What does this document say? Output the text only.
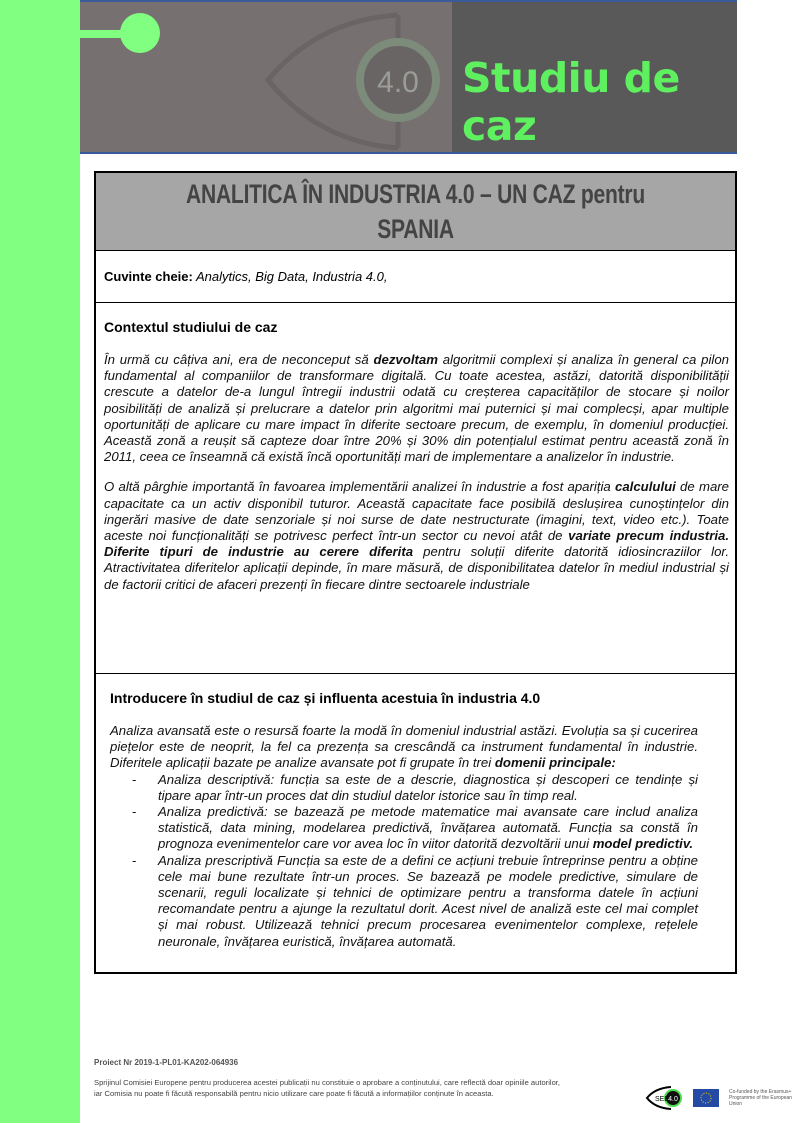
4.0 Studiu de caz
ANALITICA ÎN INDUSTRIA 4.0 – UN CAZ pentru
SPANIA
Cuvinte cheie: Analytics, Big Data, Industria 4.0,
Contextul studiului de caz

În urmă cu câțiva ani, era de neconceput să dezvoltam algoritmii complexi și analiza în general ca pilon fundamental al companiilor de transformare digitală. Cu toate acestea, astăzi, datorită disponibilității crescute a datelor de-a lungul întregii industrii odată cu creșterea capacităților de stocare și noilor posibilități de analiză și prelucrare a datelor prin algoritmi mai puternici și mai complecși, apar multiple oportunități de aplicare cu mare impact în diferite sectoare precum, de exemplu, în domeniul producției. Această zonă a reușit să capteze doar între 20% și 30% din potențialul estimat pentru această zonă în 2011, ceea ce înseamnă că există încă oportunități mari de implementare a analizelor în industrie.

O altă pârghie importantă în favoarea implementării analizei în industrie a fost apariția calculului de mare capacitate ca un activ disponibil tuturor. Această capacitate face posibilă deslușirea cunoștințelor din ingerări masive de date senzoriale și noi surse de date nestructurate (imagini, text, video etc.). Toate aceste noi funcționalități se potrivesc perfect într-un sector cu nevoi atât de variate precum industria. Diferite tipuri de industrie au cerere diferita pentru soluții diferite datorită idiosincraziilor lor. Atractivitatea diferitelor aplicații depinde, în mare măsură, de disponibilitatea datelor în mediul industrial și de factorii critici de afaceri prezenți în fiecare dintre sectoarele industriale

Introducere în studiul de caz și influenta acestuia în industria 4.0

Analiza avansată este o resursă foarte la modă în domeniul industrial astăzi. Evoluția sa și cucerirea piețelor este de neoprit, la fel ca prezența sa crescândă ca instrument fundamental în industrie. Diferitele aplicații bazate pe analize avansate pot fi grupate în trei domenii principale:

- Analiza descriptivă: funcția sa este de a descrie, diagnostica și descoperi ce tendințe și tipare apar într-un proces dat din studiul datelor istorice sau în timp real.
- Analiza predictivă: se bazează pe metode matematice mai avansate care includ analiza statistică, data mining, modelarea predictivă, învățarea automată. Funcția sa constă în prognoza evenimentelor care vor avea loc în viitor datorită dezvoltării unui model predictiv.
- Analiza prescriptivă Funcția sa este de a defini ce acțiuni trebuie întreprinse pentru a obține cele mai bune rezultate într-un proces. Se bazează pe modele predictive, simulare de scenarii, reguli localizate și tehnici de optimizare pentru a transforma datele în acțiuni recomandate pentru a ajunge la rezultatul dorit. Acest nivel de analiză este cel mai complet și mai robust. Utilizează tehnici precum procesarea evenimentelor complexe, rețelele neuronale, învățarea euristică, învățarea automată.
Proiect Nr 2019-1-PL01-KA202-064936
Sprijinul Comisiei Europene pentru producerea acestei publicații nu constituie o aprobare a conținutului, care reflectă doar opiniile autorilor, iar Comisia nu poate fi făcută responsabilă pentru nicio utilizare care poate fi făcută a informațiilor conținute în aceasta.
SEE 4.0
Co-funded by the Erasmus+ Programme of the European Union
